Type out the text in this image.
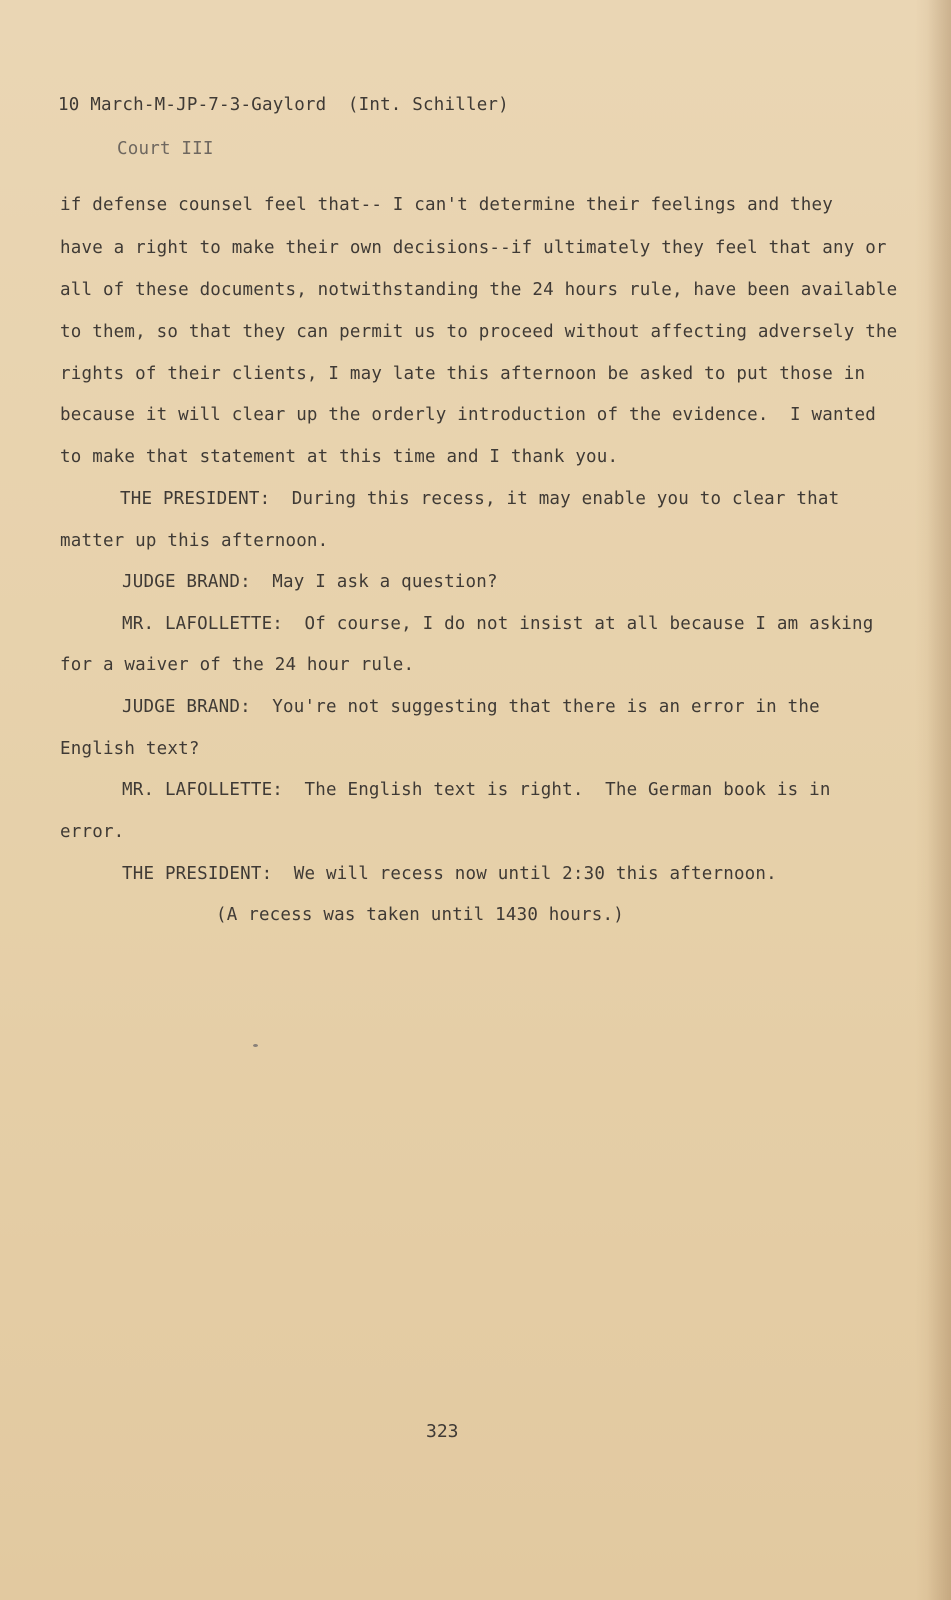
10 March-M-JP-7-3-Gaylord  (Int. Schiller)
Court III
if defense counsel feel that-- I can't determine their feelings and they
have a right to make their own decisions--if ultimately they feel that any or
all of these documents, notwithstanding the 24 hours rule, have been available
to them, so that they can permit us to proceed without affecting adversely the
rights of their clients, I may late this afternoon be asked to put those in
because it will clear up the orderly introduction of the evidence.  I wanted
to make that statement at this time and I thank you.
THE PRESIDENT:  During this recess, it may enable you to clear that
matter up this afternoon.
JUDGE BRAND:  May I ask a question?
MR. LAFOLLETTE:  Of course, I do not insist at all because I am asking
for a waiver of the 24 hour rule.
JUDGE BRAND:  You're not suggesting that there is an error in the
English text?
MR. LAFOLLETTE:  The English text is right.  The German book is in
error.
THE PRESIDENT:  We will recess now until 2:30 this afternoon.
(A recess was taken until 1430 hours.)
323
